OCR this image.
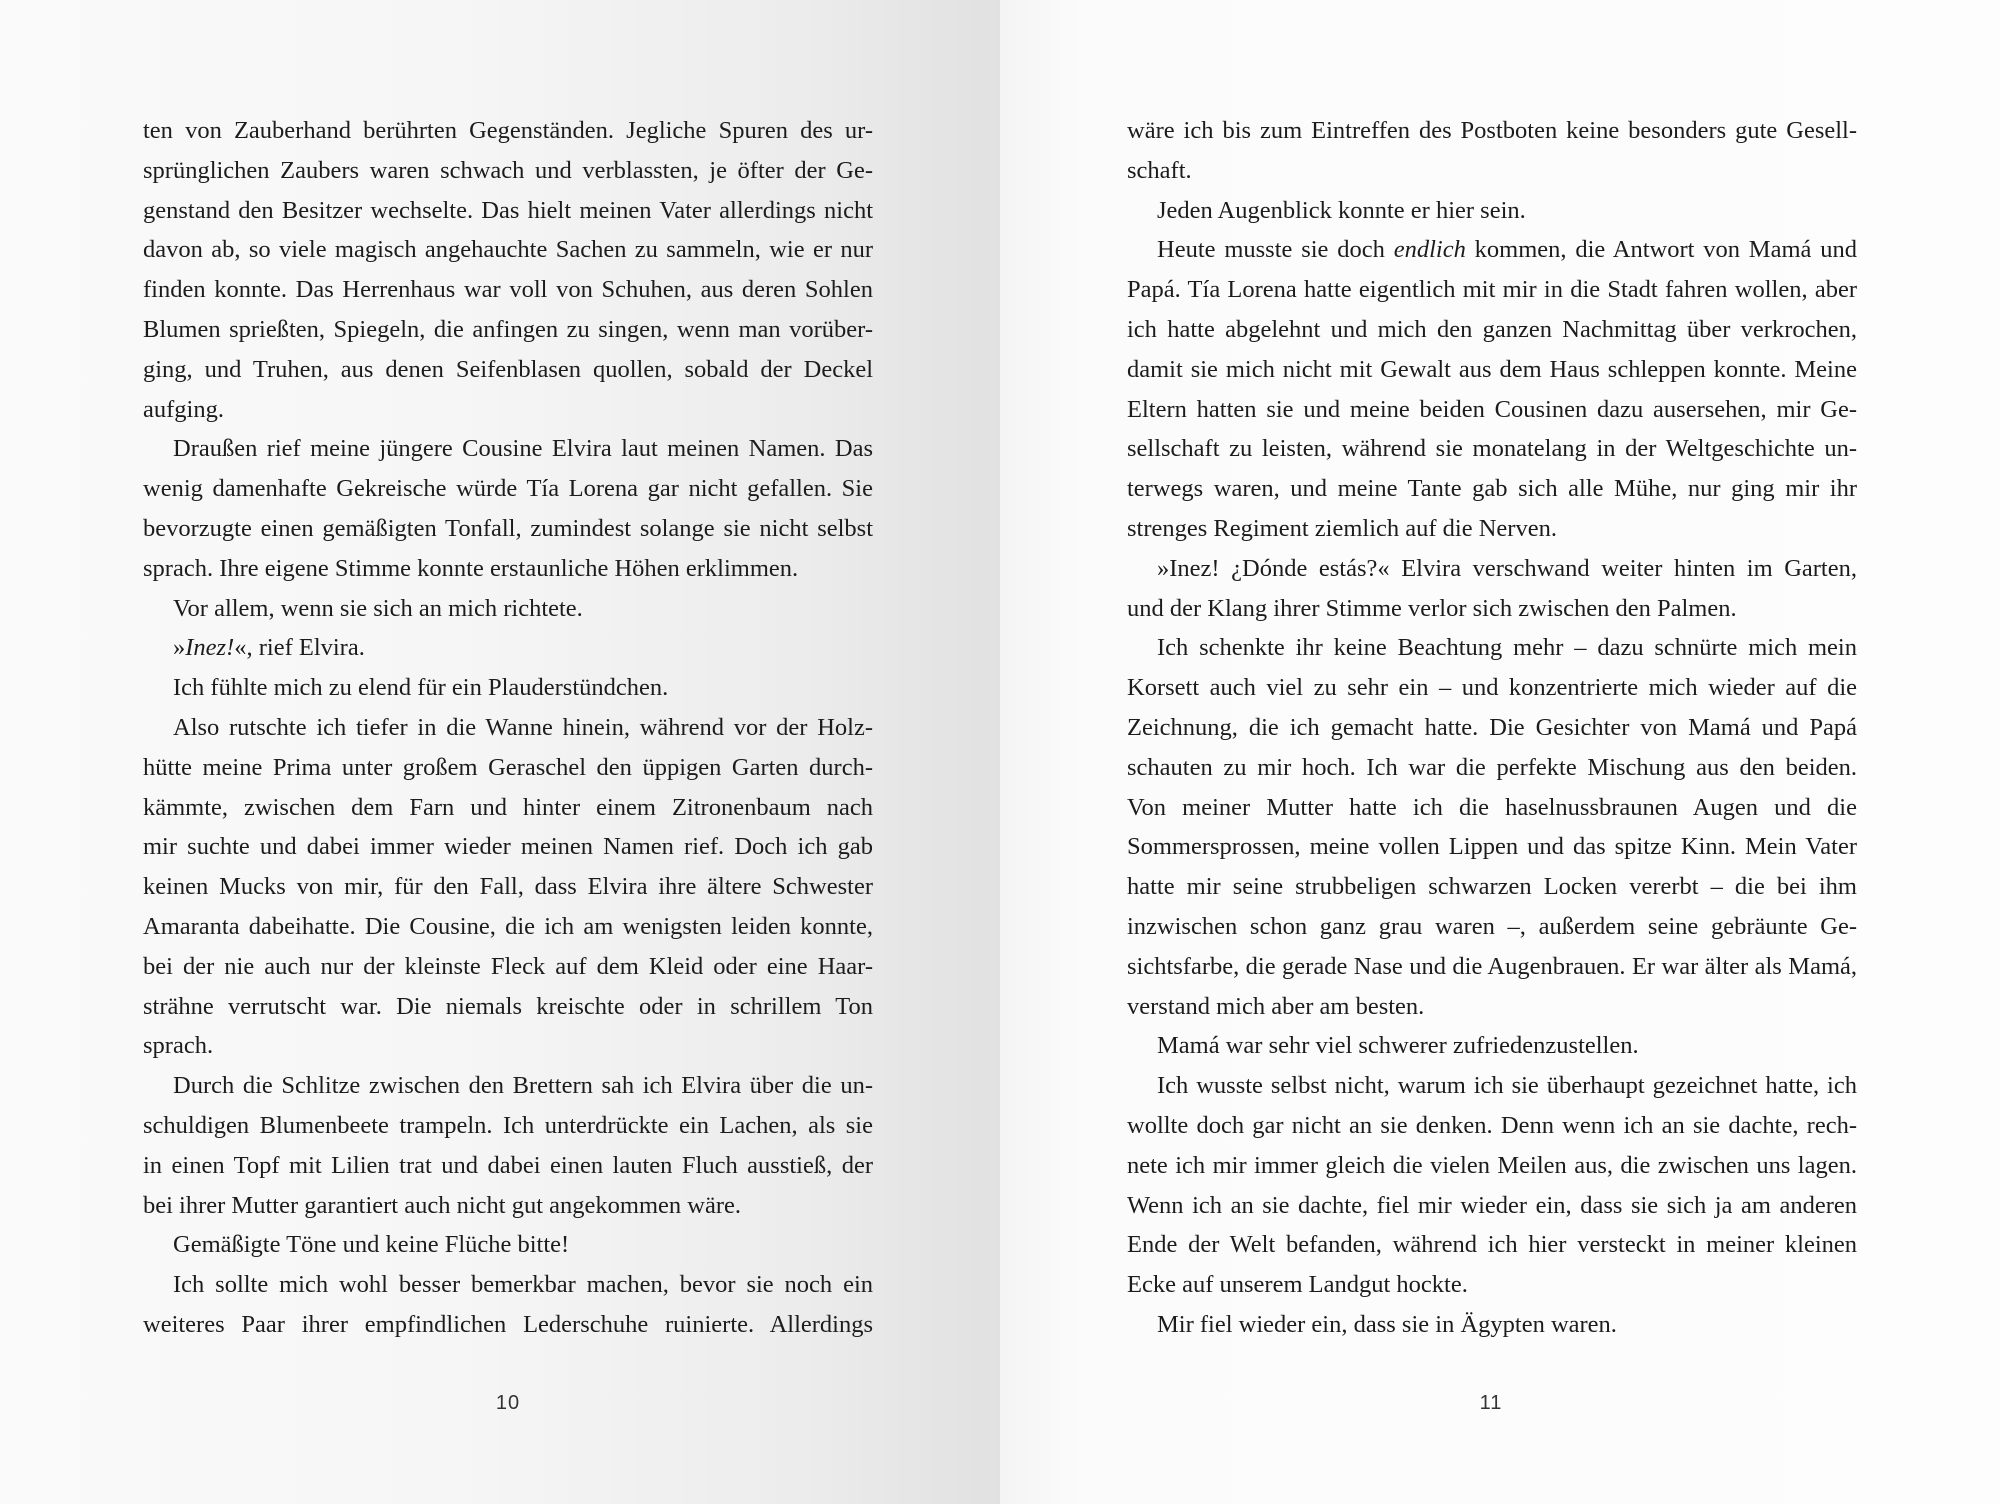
ten von Zauberhand berührten Gegenständen. Jegliche Spuren des ur-
sprünglichen Zaubers waren schwach und verblassten, je öfter der Ge-
genstand den Besitzer wechselte. Das hielt meinen Vater allerdings nicht
davon ab, so viele magisch angehauchte Sachen zu sammeln, wie er nur
finden konnte. Das Herrenhaus war voll von Schuhen, aus deren Sohlen
Blumen sprießten, Spiegeln, die anfingen zu singen, wenn man vorüber-
ging, und Truhen, aus denen Seifenblasen quollen, sobald der Deckel
aufging.
Draußen rief meine jüngere Cousine Elvira laut meinen Namen. Das
wenig damenhafte Gekreische würde Tía Lorena gar nicht gefallen. Sie
bevorzugte einen gemäßigten Tonfall, zumindest solange sie nicht selbst
sprach. Ihre eigene Stimme konnte erstaunliche Höhen erklimmen.
Vor allem, wenn sie sich an mich richtete.
»Inez!«, rief Elvira.
Ich fühlte mich zu elend für ein Plauderstündchen.
Also rutschte ich tiefer in die Wanne hinein, während vor der Holz-
hütte meine Prima unter großem Geraschel den üppigen Garten durch-
kämmte, zwischen dem Farn und hinter einem Zitronenbaum nach
mir suchte und dabei immer wieder meinen Namen rief. Doch ich gab
keinen Mucks von mir, für den Fall, dass Elvira ihre ältere Schwester
Amaranta dabeihatte. Die Cousine, die ich am wenigsten leiden konnte,
bei der nie auch nur der kleinste Fleck auf dem Kleid oder eine Haar-
strähne verrutscht war. Die niemals kreischte oder in schrillem Ton
sprach.
Durch die Schlitze zwischen den Brettern sah ich Elvira über die un-
schuldigen Blumenbeete trampeln. Ich unterdrückte ein Lachen, als sie
in einen Topf mit Lilien trat und dabei einen lauten Fluch ausstieß, der
bei ihrer Mutter garantiert auch nicht gut angekommen wäre.
Gemäßigte Töne und keine Flüche bitte!
Ich sollte mich wohl besser bemerkbar machen, bevor sie noch ein
weiteres Paar ihrer empfindlichen Lederschuhe ruinierte. Allerdings
10
wäre ich bis zum Eintreffen des Postboten keine besonders gute Gesell-
schaft.
Jeden Augenblick konnte er hier sein.
Heute musste sie doch endlich kommen, die Antwort von Mamá und
Papá. Tía Lorena hatte eigentlich mit mir in die Stadt fahren wollen, aber
ich hatte abgelehnt und mich den ganzen Nachmittag über verkrochen,
damit sie mich nicht mit Gewalt aus dem Haus schleppen konnte. Meine
Eltern hatten sie und meine beiden Cousinen dazu ausersehen, mir Ge-
sellschaft zu leisten, während sie monatelang in der Weltgeschichte un-
terwegs waren, und meine Tante gab sich alle Mühe, nur ging mir ihr
strenges Regiment ziemlich auf die Nerven.
»Inez! ¿Dónde estás?« Elvira verschwand weiter hinten im Garten,
und der Klang ihrer Stimme verlor sich zwischen den Palmen.
Ich schenkte ihr keine Beachtung mehr – dazu schnürte mich mein
Korsett auch viel zu sehr ein – und konzentrierte mich wieder auf die
Zeichnung, die ich gemacht hatte. Die Gesichter von Mamá und Papá
schauten zu mir hoch. Ich war die perfekte Mischung aus den beiden.
Von meiner Mutter hatte ich die haselnussbraunen Augen und die
Sommersprossen, meine vollen Lippen und das spitze Kinn. Mein Vater
hatte mir seine strubbeligen schwarzen Locken vererbt – die bei ihm
inzwischen schon ganz grau waren –, außerdem seine gebräunte Ge-
sichtsfarbe, die gerade Nase und die Augenbrauen. Er war älter als Mamá,
verstand mich aber am besten.
Mamá war sehr viel schwerer zufriedenzustellen.
Ich wusste selbst nicht, warum ich sie überhaupt gezeichnet hatte, ich
wollte doch gar nicht an sie denken. Denn wenn ich an sie dachte, rech-
nete ich mir immer gleich die vielen Meilen aus, die zwischen uns lagen.
Wenn ich an sie dachte, fiel mir wieder ein, dass sie sich ja am anderen
Ende der Welt befanden, während ich hier versteckt in meiner kleinen
Ecke auf unserem Landgut hockte.
Mir fiel wieder ein, dass sie in Ägypten waren.
11
